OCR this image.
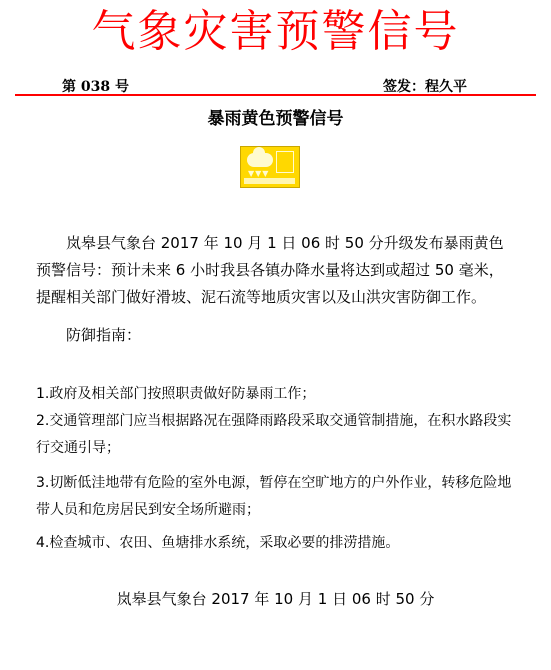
气象灾害预警信号
第 038 号	签发：程久平
暴雨黄色预警信号
▼▼▼
岚皋县气象台 2017 年 10 月 1 日 06 时 50 分升级发布暴雨黄色预警信号：预计未来 6 小时我县各镇办降水量将达到或超过 50 毫米，提醒相关部门做好滑坡、泥石流等地质灾害以及山洪灾害防御工作。
防御指南：
1.政府及相关部门按照职责做好防暴雨工作；
2.交通管理部门应当根据路况在强降雨路段采取交通管制措施，在积水路段实行交通引导；
3.切断低洼地带有危险的室外电源，暂停在空旷地方的户外作业，转移危险地带人员和危房居民到安全场所避雨；
4.检查城市、农田、鱼塘排水系统，采取必要的排涝措施。
岚皋县气象台 2017 年 10 月 1 日 06 时 50 分
